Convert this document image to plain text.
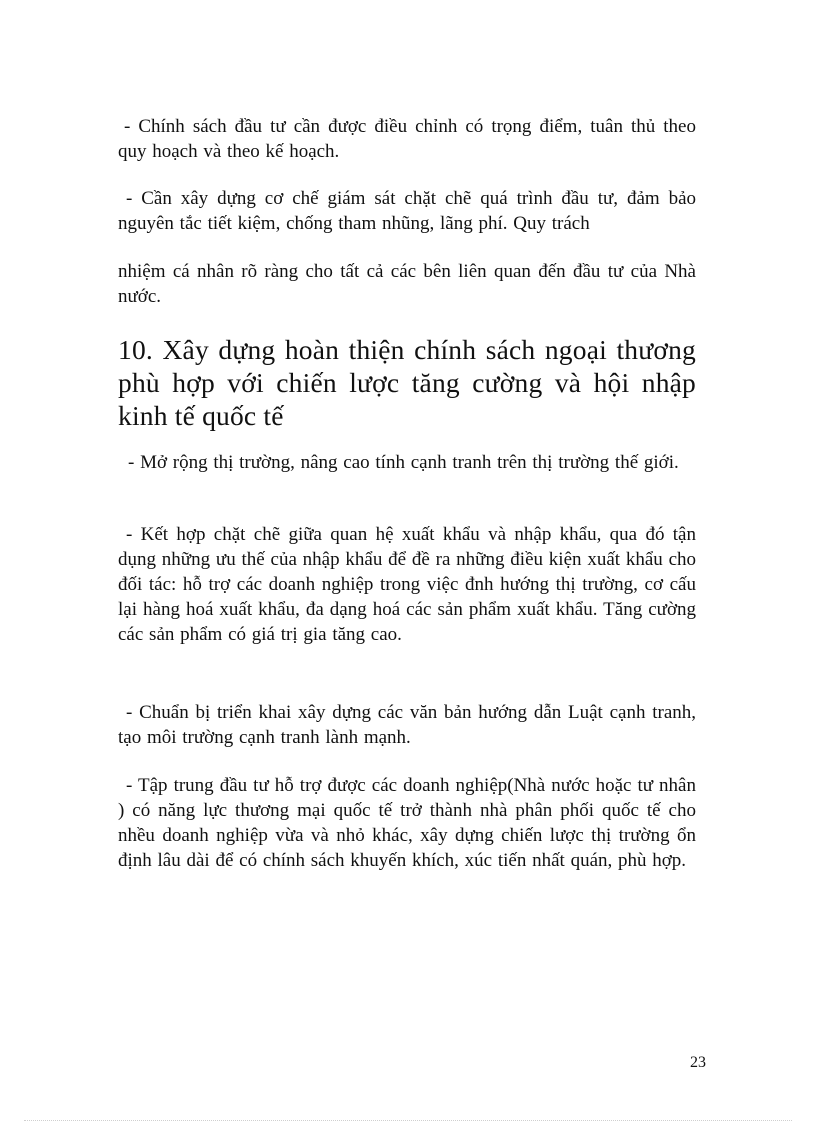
- Chính sách đầu tư cần được điều chỉnh có trọng điểm, tuân thủ theo quy hoạch và theo kế hoạch.

- Cần xây dựng cơ chế giám sát chặt chẽ quá trình đầu tư, đảm bảo nguyên tắc tiết kiệm, chống tham nhũng, lãng phí. Quy trách

nhiệm cá nhân rõ ràng cho tất cả các bên liên quan đến đầu tư của Nhà nước.

10. Xây dựng hoàn thiện chính sách ngoại thương phù hợp với chiến lược tăng cường và hội nhập kinh tế quốc tế

- Mở rộng thị trường, nâng cao tính cạnh tranh trên thị trường thế giới.

- Kết hợp chặt chẽ giữa quan hệ xuất khẩu và nhập khẩu, qua đó tận dụng những ưu thế của nhập khẩu để đề ra những điều kiện xuất khẩu cho đối tác: hỗ trợ các doanh nghiệp trong việc đnh hướng thị trường, cơ cấu lại hàng hoá xuất khẩu, đa dạng hoá các sản phẩm xuất khẩu. Tăng cường các sản phẩm có giá trị gia tăng cao.

- Chuẩn bị triển khai xây dựng các văn bản hướng dẫn Luật cạnh tranh, tạo môi trường cạnh tranh lành mạnh.

- Tập trung đầu tư hỗ trợ được các doanh nghiệp(Nhà nước hoặc tư nhân ) có năng lực thương mại quốc tế trở thành nhà phân phối quốc tế cho nhều doanh nghiệp vừa và nhỏ khác, xây dựng chiến lược thị trường ổn định lâu dài để có chính sách khuyến khích, xúc tiến nhất quán, phù hợp.

23
